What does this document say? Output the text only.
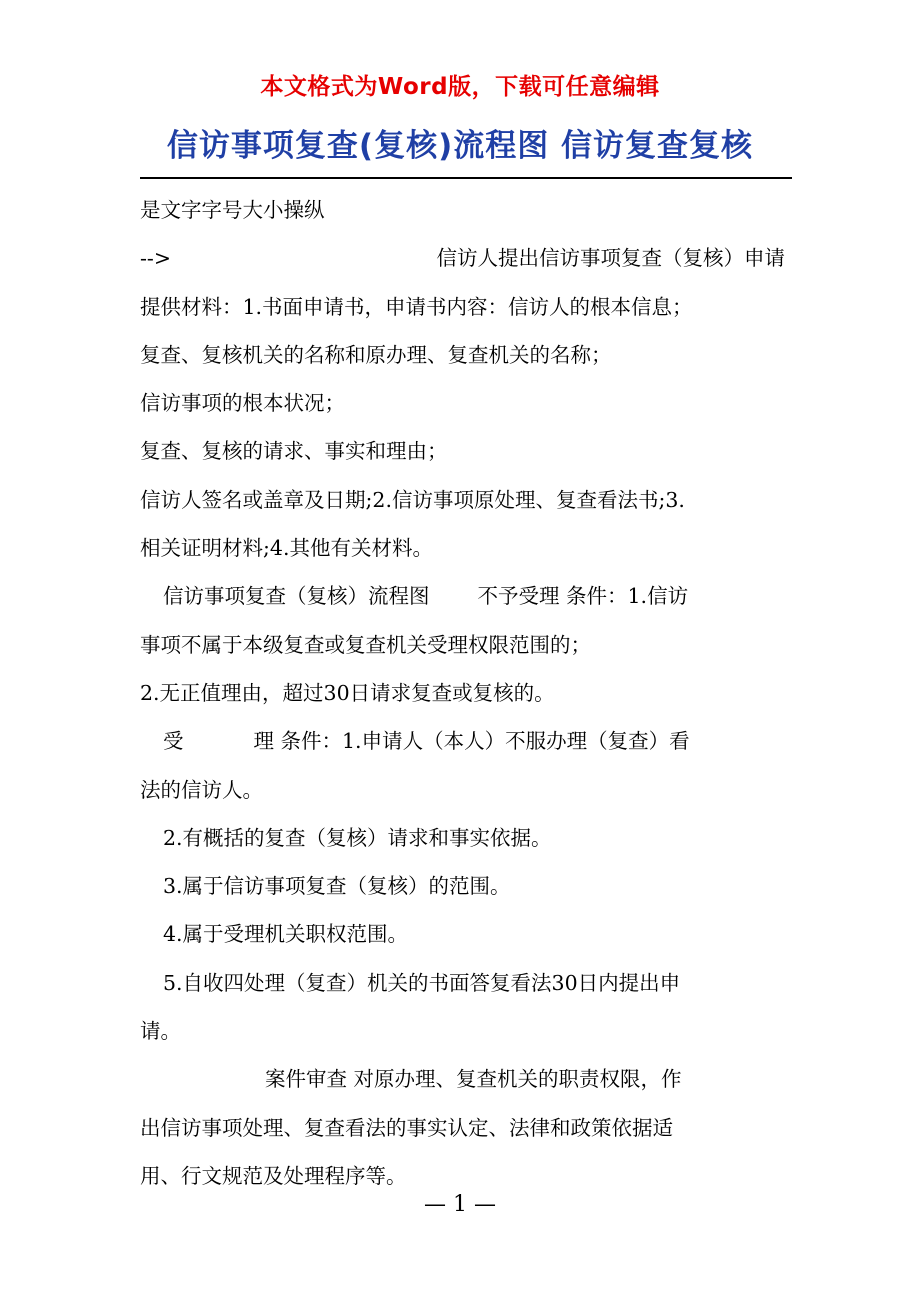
本文格式为Word版，下载可任意编辑
信访事项复查(复核)流程图 信访复查复核

是文字字号大小操纵

-->	信访人提出信访事项复查（复核）申请

提供材料：1.书面申请书，申请书内容：信访人的根本信息；

复查、复核机关的名称和原办理、复查机关的名称；

信访事项的根本状况；

复查、复核的请求、事实和理由；

信访人签名或盖章及日期;2.信访事项原处理、复查看法书;3.

相关证明材料;4.其他有关材料。

信访事项复查（复核）流程图 不予受理 条件：1.信访

事项不属于本级复查或复查机关受理权限范围的；

2.无正值理由，超过30日请求复查或复核的。

受	理 条件：1.申请人（本人）不服办理（复查）看

法的信访人。

2.有概括的复查（复核）请求和事实依据。

3.属于信访事项复查（复核）的范围。

4.属于受理机关职权范围。

5.自收四处理（复查）机关的书面答复看法30日内提出申

请。

案件审查 对原办理、复查机关的职责权限，作

出信访事项处理、复查看法的事实认定、法律和政策依据适

用、行文规范及处理程序等。

— 1 —
